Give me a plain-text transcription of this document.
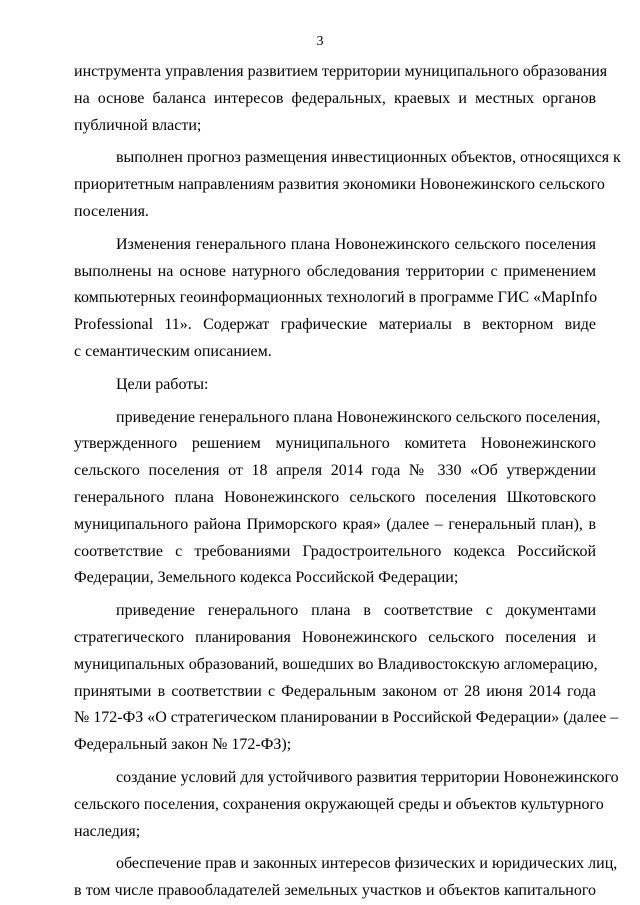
3
инструмента управления развитием территории муниципального образования
на основе баланса интересов федеральных, краевых и местных органов
публичной власти;
выполнен прогноз размещения инвестиционных объектов, относящихся к
приоритетным направлениям развития экономики Новонежинского сельского
поселения.
Изменения генерального плана Новонежинского сельского поселения
выполнены на основе натурного обследования территории с применением
компьютерных геоинформационных технологий в программе ГИС «MapInfo
Professional 11». Содержат графические материалы в векторном виде
с семантическим описанием.
Цели работы:
приведение генерального плана Новонежинского сельского поселения,
утвержденного решением муниципального комитета Новонежинского
сельского поселения от 18 апреля 2014 года № 330 «Об утверждении
генерального плана Новонежинского сельского поселения Шкотовского
муниципального района Приморского края» (далее – генеральный план), в
соответствие с требованиями Градостроительного кодекса Российской
Федерации, Земельного кодекса Российской Федерации;
приведение генерального плана в соответствие с документами
стратегического планирования Новонежинского сельского поселения и
муниципальных образований, вошедших во Владивостокскую агломерацию,
принятыми в соответствии с Федеральным законом от 28 июня 2014 года
№ 172-ФЗ «О стратегическом планировании в Российской Федерации» (далее –
Федеральный закон № 172-ФЗ);
создание условий для устойчивого развития территории Новонежинского
сельского поселения, сохранения окружающей среды и объектов культурного
наследия;
обеспечение прав и законных интересов физических и юридических лиц,
в том числе правообладателей земельных участков и объектов капитального
